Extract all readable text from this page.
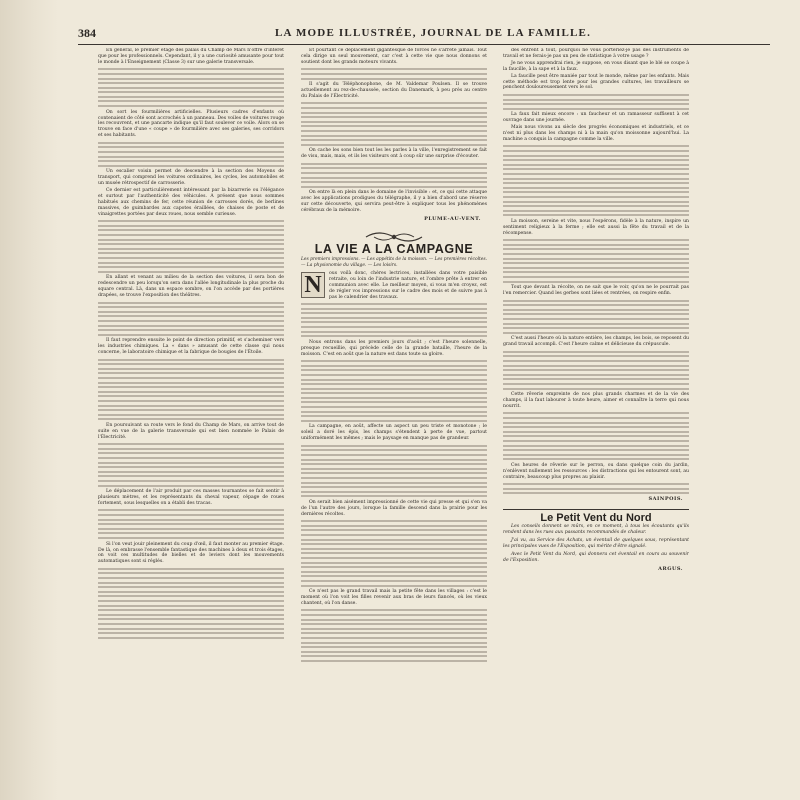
384	LA MODE ILLUSTRÉE, JOURNAL DE LA FAMILLE.

En général, le premier étage des palais du Champ de Mars n'offre d'intérêt que pour les professionnels. Cependant, il y a une curiosité amusante pour tout le monde à l'Enseignement (Classe 3) sur une galerie transversale.

On sort les fourmilières artificielles. Plusieurs cadres d'enfants où contenaient de côté sont accrochés à un panneau. Des voiles de voitures rouge les recouvrent, et une pancarte indique qu'il faut soulever ce voile. Alors on se trouve en face d'une « coupe » de fourmilière avec ses galeries, ses corridors et ses habitants.

Un escalier voisin permet de descendre à la section des Moyens de transport, qui comprend les voitures ordinaires, les cycles, les automobiles et un musée rétrospectif de carrosserie.

Ce dernier est particulièrement intéressant par la bizarrerie ou l'élégance et surtout par l'authenticité des véhicules. A présent que nous sommes habitués aux chemins de fer, cette réunion de carrosses dorés, de berlines massives, de guimbardes aux capotes éraillées, de chaises de poste et de vinaigrettes portées par deux roues, nous semble curieuse.

En allant et venant au milieu de la section des voitures, il sera bon de redescendre un peu lorsqu'on sera dans l'allée longitudinale la plus proche du square central. Là, dans un espace sombre, on l'on accède par des portières drapées, se trouve l'exposition des théâtres.

Il faut reprendre ensuite le point de direction primitif, et s'acheminer vers les industries chimiques. La « dans » amusant de cette classe qui nous concerne, le laboratoire chimique et la fabrique de bougies de l'Étoile.

En poursuivant sa route vers le fond du Champ de Mars, on arrive tout de suite en vue de la galerie transversale qui est bien nommée le Palais de l'Électricité.

Le déplacement de l'air produit par ces masses tournantes se fait sentir à plusieurs mètres, et les représentants du cheval vapeur, cépage de roues fortement, sous lesquelles on a établi des tracas.

Si l'on veut jouir pleinement du coup d'œil, il faut monter au premier étage. De là, on embrasse l'ensemble fantastique des machines à deux et trois étages, on voit ces multitudes de bielles et de leviers dont les mouvements automatiques sont si réglés.

Et pourtant ce déplacement gigantesque de forces ne s'arrête jamais. Tout cela dirige un seul mouvement, car c'est à cette vie que nous donnons et soutient dont les grands moteurs vivants.

Il s'agit du Téléphonophone, de M. Valdemar Poulsen. Il se trouve actuellement au rez-de-chaussée, section du Danemark, à peu près au centre du Palais de l'Électricité.

On cache les sons bien tout les les parles à la ville, l'enregistrement se fait de visu, mais, mais, et ils les visiteurs ont à coup sûr une surprise d'écouter.

On entre là en plein dans le domaine de l'invisible : et, ce qui cette attaque avec les applications prodigues du télégraphe, il y a bien d'abord une réserve sur cette découverte, qui servira peut-être à expliquer tous les phénomènes cérébraux de la mémoire.

PLUME-AU-VENT.
LA VIE A LA CAMPAGNE

Les premiers impressions. — Les appétits de la moisson. — Les premières récoltes. — La physionomie du village. — Les loisirs.

N	ous voilà donc, chères lectrices, installées dans votre paisible retraite, ou loin de l'industrie nature, et l'ombre prête à entrer en communion avec elle. Le meilleur moyen, si vous m'en croyez, est de régler vos impressions sur le cadre des mois et de suivre pas à pas le calendrier des travaux.

Nous entrons dans les premiers jours d'août ; c'est l'heure solennelle, presque recueillie, qui précède celle de la grande bataille, l'heure de la moisson. C'est en août que la nature est dans toute sa gloire.

La campagne, en août, affecte un aspect un peu triste et monotone ; le soleil a doré les épis, les champs s'étendent à perte de vue, partout uniformément les mêmes ; mais le paysage en manque pas de grandeur.

On serait bien aisément impressionné de cette vie qui presse et qui s'en va de l'un l'autre des jours, lorsque la famille descend dans la prairie pour les dernières récoltes.

Ce n'est pas le grand travail mais la petite fête dans les villages : c'est le moment où l'on voit les filles revenir aux bras de leurs fiancés, où les vieux chantent, où l'on danse.

des entrent à tout, pourquoi ne vous porteriez-je pas des instruments de travail et ne ferais-je pas un peu de statistique à votre usage ?

Je ne vous apprendrai rien, je suppose, en vous disant que le blé se coupe à la faucille, à la sape et à la faux.

La faucille peut être maniée par tout le monde, même par les enfants. Mais cette méthode est trop lente pour les grandes cultures, les travailleurs se penchent douloureusement vers le sol.

La faux fait mieux encore : un faucheur et un ramasseur suffisent à cet ouvrage dans une journée.

Mais nous vivons au siècle des progrès économiques et industriels, et ce n'est ni plus dans les champs ni à la main qu'on moissonne aujourd'hui. La machine a conquis la campagne comme la ville.

La moisson, sereine et vite, nous l'espérons, fidèle à la nature, inspire un sentiment religieux à la ferme ; elle est aussi la fête du travail et de la récompense.

Tout que devant la récolte, on ne sait que le voir, qu'on ne le pourrait pas l'en remercier. Quand les gerbes sont liées et rentrées, on respire enfin.

C'est aussi l'heure où la nature entière, les champs, les bois, se reposent du grand travail accompli. C'est l'heure calme et délicieuse du crépuscule.

Cette rêverie empreinte de nos plus grands charmes et de la vie des champs, il la faut labourer à toute heure, aimer et connaître la terre qui nous nourrit.

Ces heures de rêverie sur le perron, ou dans quelque coin du jardin, n'enlèvent nullement les ressources : les distractions qui les entourent sont, au contraire, beaucoup plus propres au plaisir.

SAINPOIS.
Le Petit Vent du Nord

Les conseils donnent se mûrs, en ce moment, à tous les écoutants qu'ils rendent dans les rues aux passants recommandés de chaleur.

J'ai vu, au Service des Achats, un éventail de quelques sous, représentant les principales vues de l'Exposition, qui mérite d'être signalé.

Avec le Petit Vent du Nord, qui donnera cet éventail en cours au souvenir de l'Exposition.

ARGUS.
